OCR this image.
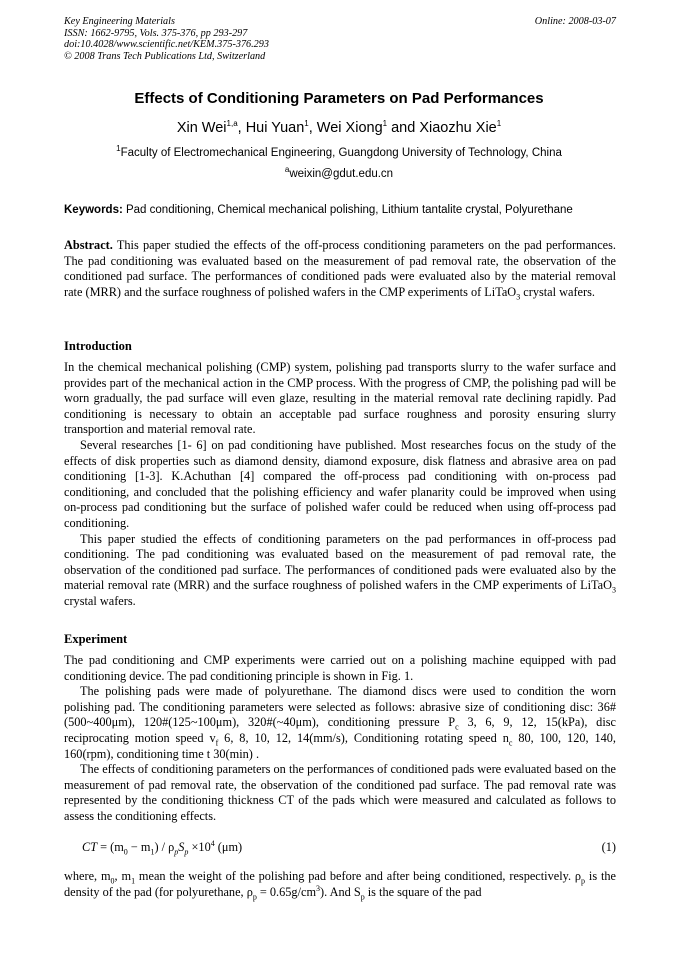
Key Engineering Materials
ISSN: 1662-9795, Vols. 375-376, pp 293-297
doi:10.4028/www.scientific.net/KEM.375-376.293
© 2008 Trans Tech Publications Ltd, Switzerland
Online: 2008-03-07
Effects of Conditioning Parameters on Pad Performances
Xin Wei$^{1,a}$, Hui Yuan$^1$, Wei Xiong$^1$ and Xiaozhu Xie$^1$
$^1$Faculty of Electromechanical Engineering, Guangdong University of Technology, China
$^a$weixin@gdut.edu.cn
Keywords: Pad conditioning, Chemical mechanical polishing, Lithium tantalite crystal, Polyurethane

Abstract. This paper studied the effects of the off-process conditioning parameters on the pad performances. The pad conditioning was evaluated based on the measurement of pad removal rate, the observation of the conditioned pad surface. The performances of conditioned pads were evaluated also by the material removal rate (MRR) and the surface roughness of polished wafers in the CMP experiments of LiTaO$_3$ crystal wafers.

Introduction

In the chemical mechanical polishing (CMP) system, polishing pad transports slurry to the wafer surface and provides part of the mechanical action in the CMP process. With the progress of CMP, the polishing pad will be worn gradually, the pad surface will even glaze, resulting in the material removal rate declining rapidly. Pad conditioning is necessary to obtain an acceptable pad surface roughness and porosity ensuring slurry transportion and material removal rate.

Several researches [1- 6] on pad conditioning have published. Most researches focus on the study of the effects of disk properties such as diamond density, diamond exposure, disk flatness and abrasive area on pad conditioning [1-3]. K.Achuthan [4] compared the off-process pad conditioning with on-process pad conditioning, and concluded that the polishing efficiency and wafer planarity could be improved when using on-process pad conditioning but the surface of polished wafer could be reduced when using off-process pad conditioning.

This paper studied the effects of conditioning parameters on the pad performances in off-process pad conditioning. The pad conditioning was evaluated based on the measurement of pad removal rate, the observation of the conditioned pad surface. The performances of conditioned pads were evaluated also by the material removal rate (MRR) and the surface roughness of polished wafers in the CMP experiments of LiTaO$_3$ crystal wafers.

Experiment

The pad conditioning and CMP experiments were carried out on a polishing machine equipped with pad conditioning device. The pad conditioning principle is shown in Fig. 1.

The polishing pads were made of polyurethane. The diamond discs were used to condition the worn polishing pad. The conditioning parameters were selected as follows: abrasive size of conditioning disc: 36#(500~400μm), 120#(125~100μm), 320#(~40μm), conditioning pressure $P_c$ 3, 6, 9, 12, 15(kPa), disc reciprocating motion speed $v_f$ 6, 8, 10, 12, 14(mm/s), Conditioning rotating speed $n_c$ 80, 100, 120, 140, 160(rpm), conditioning time t 30(min) .

The effects of conditioning parameters on the performances of conditioned pads were evaluated based on the measurement of pad removal rate, the observation of the conditioned pad surface. The pad removal rate was represented by the conditioning thickness CT of the pads which were measured and calculated as follows to assess the conditioning effects.

CT = $(m_0 - m_1) / \rho_pS_p \times 10^4$ (μm)	(1)

where, $m_0$, $m_1$ mean the weight of the polishing pad before and after being conditioned, respectively. $\rho_p$ is the density of the pad (for polyurethane, $\rho_p = 0.65g/cm^3$). And $S_p$ is the square of the pad
